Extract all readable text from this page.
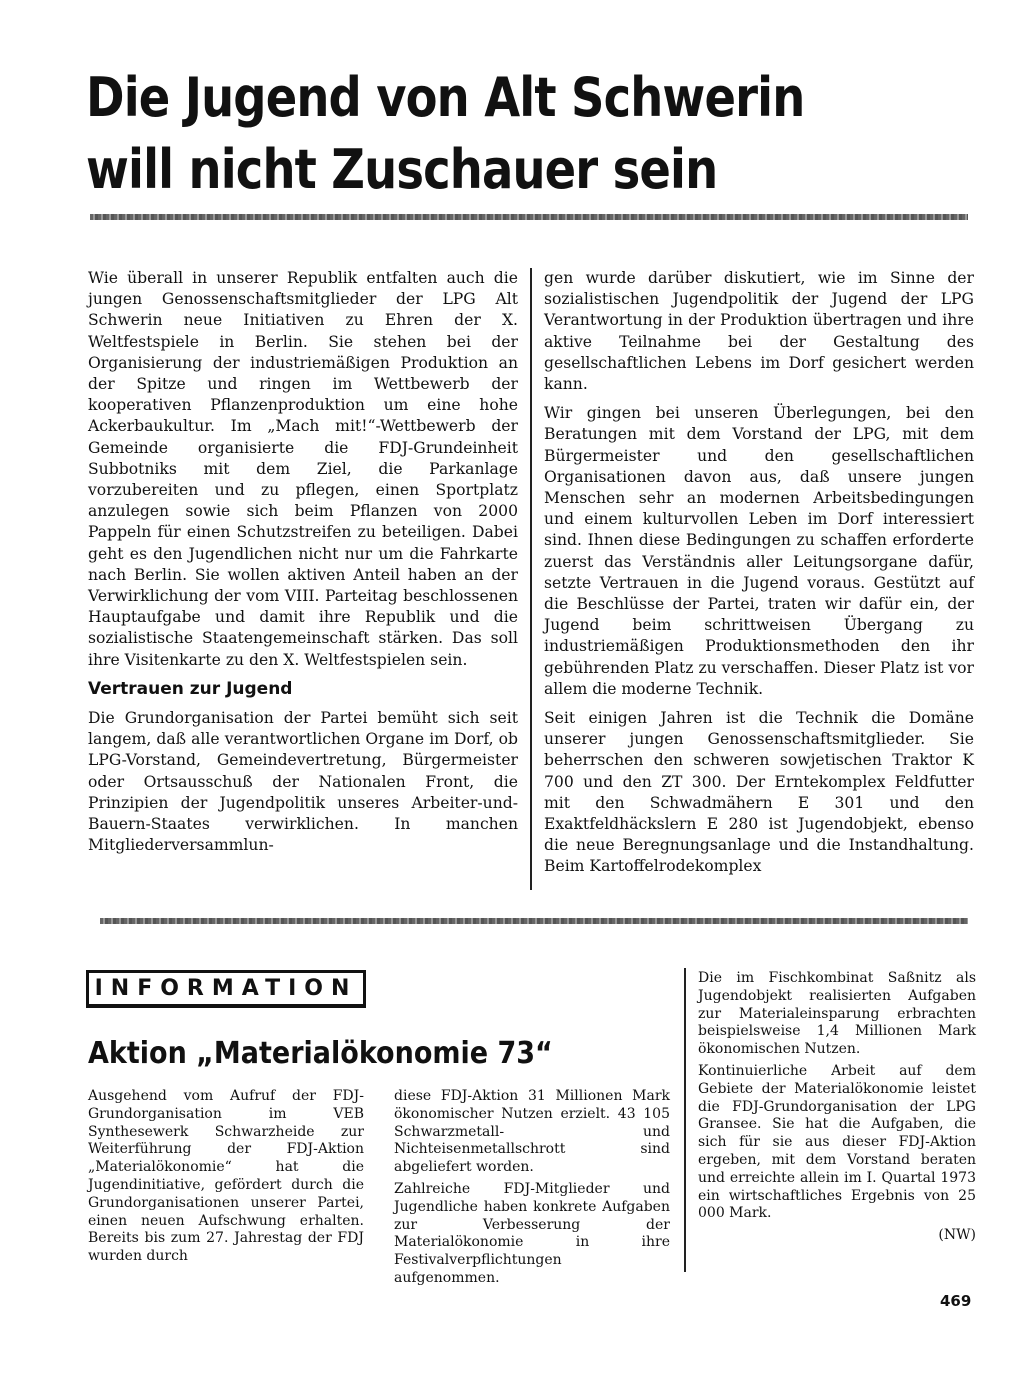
Die Jugend von Alt Schwerin
will nicht Zuschauer sein

Wie überall in unserer Republik entfalten auch die jungen Genossenschaftsmitglieder der LPG Alt Schwerin neue Initiativen zu Ehren der X. Weltfestspiele in Berlin. Sie stehen bei der Organisierung der industriemäßigen Produktion an der Spitze und ringen im Wettbewerb der kooperativen Pflanzenproduktion um eine hohe Ackerbaukultur. Im „Mach mit!“-Wettbewerb der Gemeinde organisierte die FDJ-Grundeinheit Subbotniks mit dem Ziel, die Parkanlage vorzubereiten und zu pflegen, einen Sportplatz anzulegen sowie sich beim Pflanzen von 2000 Pappeln für einen Schutzstreifen zu beteiligen. Dabei geht es den Jugendlichen nicht nur um die Fahrkarte nach Berlin. Sie wollen aktiven Anteil haben an der Verwirklichung der vom VIII. Parteitag beschlossenen Hauptaufgabe und damit ihre Republik und die sozialistische Staatengemeinschaft stärken. Das soll ihre Visitenkarte zu den X. Weltfestspielen sein.

Vertrauen zur Jugend

Die Grundorganisation der Partei bemüht sich seit langem, daß alle verantwortlichen Organe im Dorf, ob LPG-Vorstand, Gemeindevertretung, Bürgermeister oder Ortsausschuß der Nationalen Front, die Prinzipien der Jugendpolitik unseres Arbeiter-und-Bauern-Staates verwirklichen. In manchen Mitgliederversammlun-

gen wurde darüber diskutiert, wie im Sinne der sozialistischen Jugendpolitik der Jugend der LPG Verantwortung in der Produktion übertragen und ihre aktive Teilnahme bei der Gestaltung des gesellschaftlichen Lebens im Dorf gesichert werden kann.

Wir gingen bei unseren Überlegungen, bei den Beratungen mit dem Vorstand der LPG, mit dem Bürgermeister und den gesellschaftlichen Organisationen davon aus, daß unsere jungen Menschen sehr an modernen Arbeitsbedingungen und einem kulturvollen Leben im Dorf interessiert sind. Ihnen diese Bedingungen zu schaffen erforderte zuerst das Verständnis aller Leitungsorgane dafür, setzte Vertrauen in die Jugend voraus. Gestützt auf die Beschlüsse der Partei, traten wir dafür ein, der Jugend beim schrittweisen Übergang zu industriemäßigen Produktionsmethoden den ihr gebührenden Platz zu verschaffen. Dieser Platz ist vor allem die moderne Technik.

Seit einigen Jahren ist die Technik die Domäne unserer jungen Genossenschaftsmitglieder. Sie beherrschen den schweren sowjetischen Traktor K 700 und den ZT 300. Der Erntekomplex Feldfutter mit den Schwadmähern E 301 und den Exaktfeldhäckslern E 280 ist Jugendobjekt, ebenso die neue Beregnungsanlage und die Instandhaltung. Beim Kartoffelrodekomplex

INFORMATION
Aktion „Materialökonomie 73“

Ausgehend vom Aufruf der FDJ-Grundorganisation im VEB Synthesewerk Schwarzheide zur Weiterführung der FDJ-Aktion „Materialökonomie“ hat die Jugendinitiative, gefördert durch die Grundorganisationen unserer Partei, einen neuen Aufschwung erhalten. Bereits bis zum 27. Jahrestag der FDJ wurden durch

diese FDJ-Aktion 31 Millionen Mark ökonomischer Nutzen erzielt. 43 105 Schwarzmetall- und Nichteisenmetallschrott sind abgeliefert worden.

Zahlreiche FDJ-Mitglieder und Jugendliche haben konkrete Aufgaben zur Verbesserung der Materialökonomie in ihre Festivalverpflichtungen aufgenommen.

Die im Fischkombinat Saßnitz als Jugendobjekt realisierten Aufgaben zur Materialeinsparung erbrachten beispielsweise 1,4 Millionen Mark ökonomischen Nutzen.

Kontinuierliche Arbeit auf dem Gebiete der Materialökonomie leistet die FDJ-Grundorganisation der LPG Gransee. Sie hat die Aufgaben, die sich für sie aus dieser FDJ-Aktion ergeben, mit dem Vorstand beraten und erreichte allein im I. Quartal 1973 ein wirtschaftliches Ergebnis von 25 000 Mark.

(NW)
469
